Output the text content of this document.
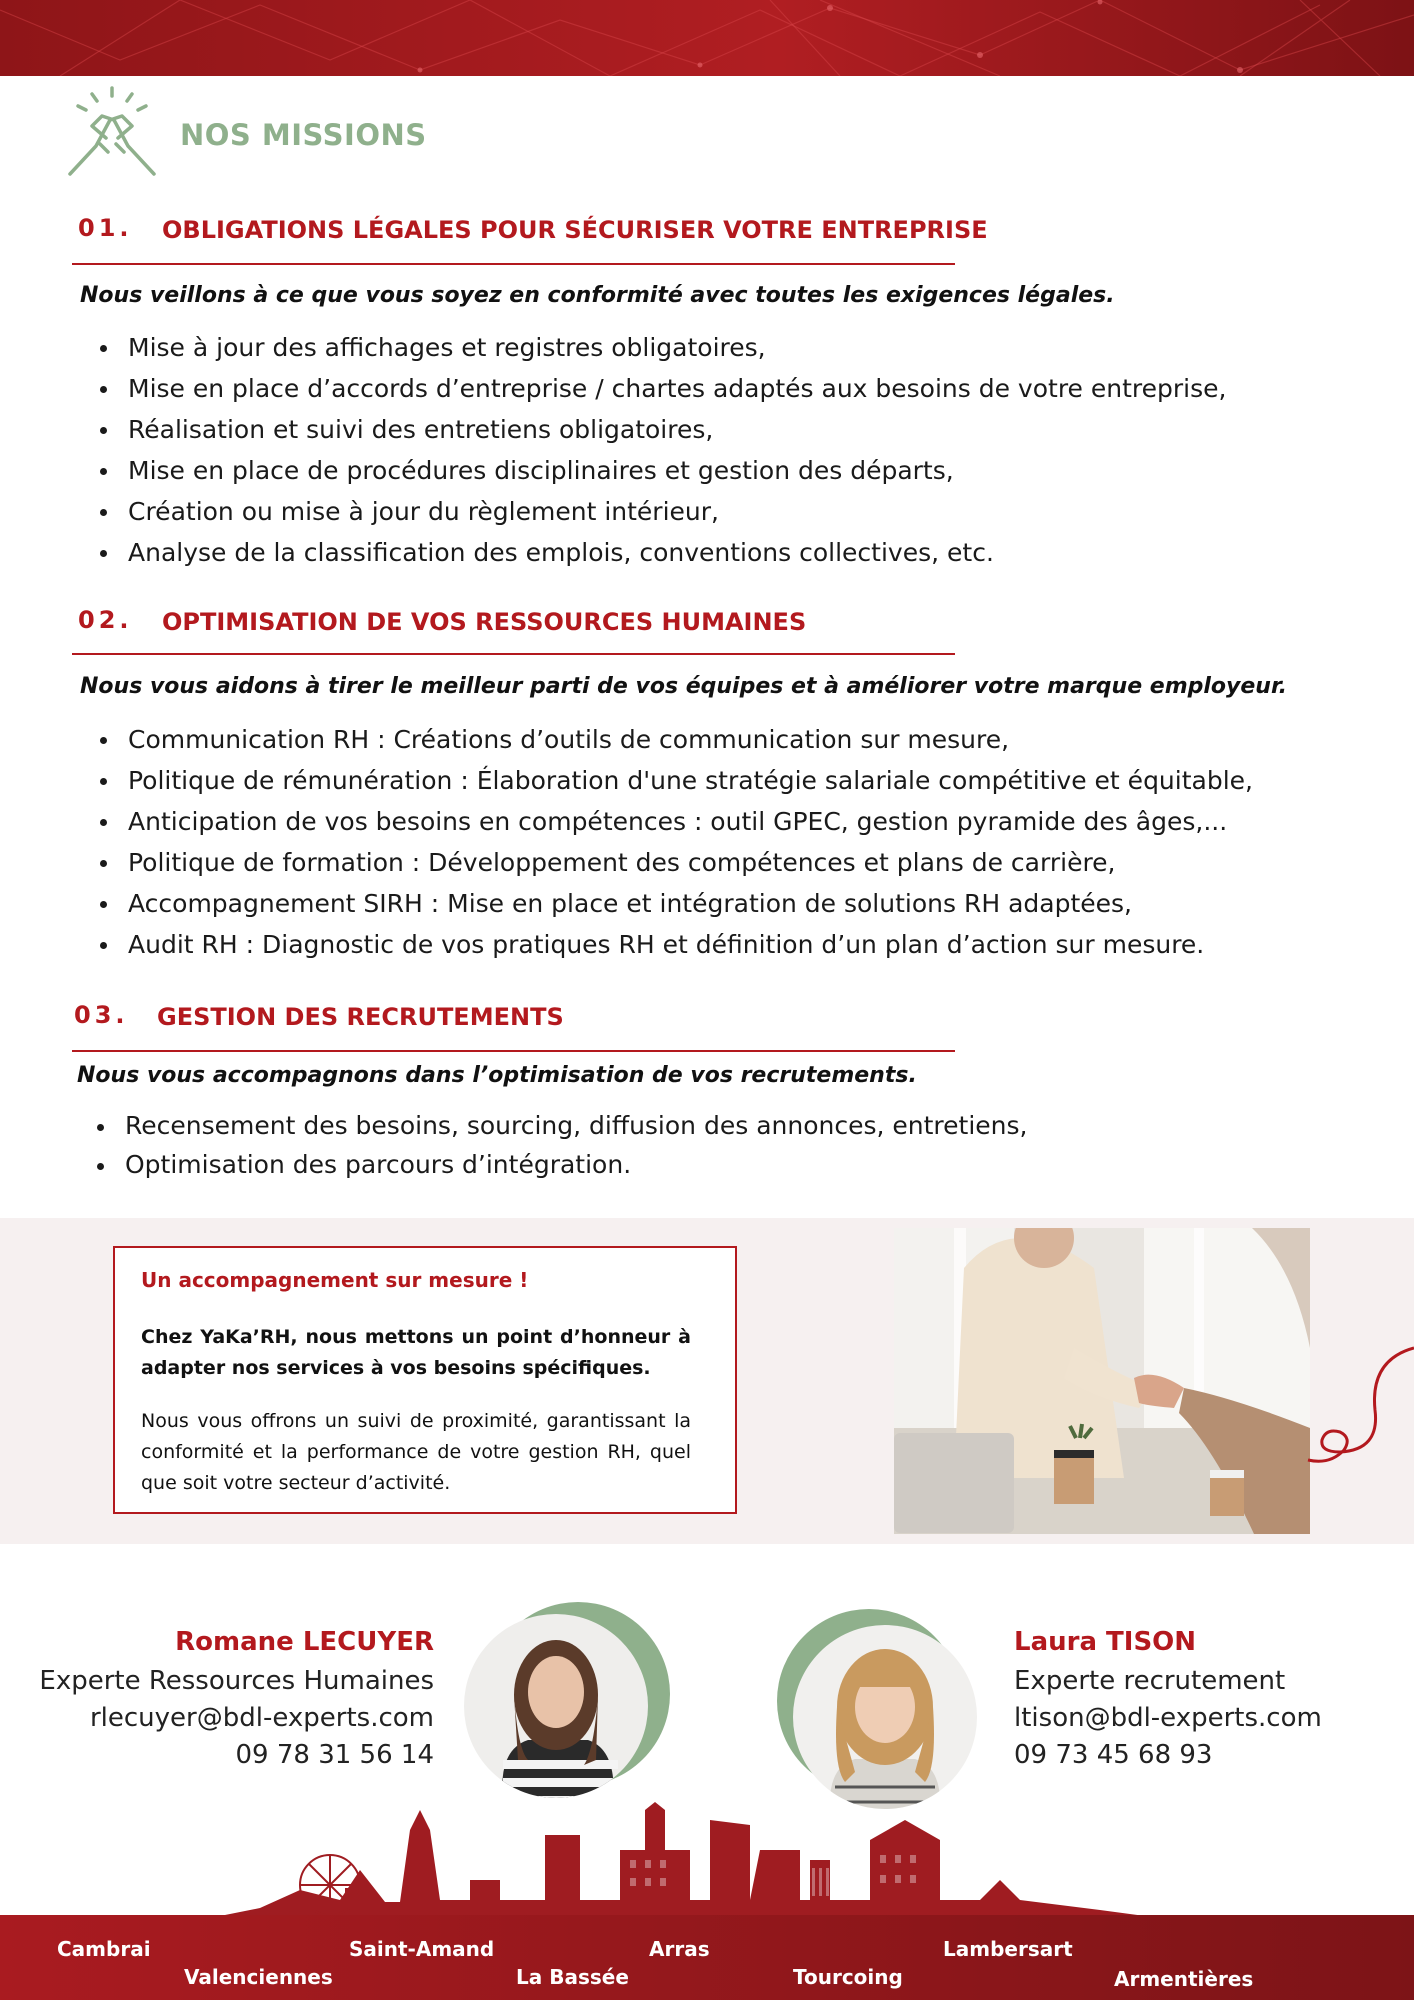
NOS MISSIONS
01. OBLIGATIONS LÉGALES POUR SÉCURISER VOTRE ENTREPRISE
Nous veillons à ce que vous soyez en conformité avec toutes les exigences légales.
Mise à jour des affichages et registres obligatoires,
Mise en place d’accords d’entreprise / chartes adaptés aux besoins de votre entreprise,
Réalisation et suivi des entretiens obligatoires,
Mise en place de procédures disciplinaires et gestion des départs,
Création ou mise à jour du règlement intérieur,
Analyse de la classification des emplois, conventions collectives, etc.
02. OPTIMISATION DE VOS RESSOURCES HUMAINES
Nous vous aidons à tirer le meilleur parti de vos équipes et à améliorer votre marque employeur.
Communication RH : Créations d’outils de communication sur mesure,
Politique de rémunération : Élaboration d'une stratégie salariale compétitive et équitable,
Anticipation de vos besoins en compétences : outil GPEC, gestion pyramide des âges,...
Politique de formation : Développement des compétences et plans de carrière,
Accompagnement SIRH : Mise en place et intégration de solutions RH adaptées,
Audit RH : Diagnostic de vos pratiques RH et définition d’un plan d’action sur mesure.
03. GESTION DES RECRUTEMENTS
Nous vous accompagnons dans l’optimisation de vos recrutements.
Recensement des besoins, sourcing, diffusion des annonces, entretiens,
Optimisation des parcours d’intégration.
Un accompagnement sur mesure !
Chez YaKa’RH, nous mettons un point d’honneur à adapter nos services à vos besoins spécifiques.
Nous vous offrons un suivi de proximité, garantissant la conformité et la performance de votre gestion RH, quel que soit votre secteur d’activité.
Romane LECUYER
Experte Ressources Humaines
rlecuyer@bdl-experts.com
09 78 31 56 14
Laura TISON
Experte recrutement
ltison@bdl-experts.com
09 73 45 68 93
Cambrai
Valenciennes
Saint-Amand
La Bassée
Arras
Tourcoing
Lambersart
Armentières
